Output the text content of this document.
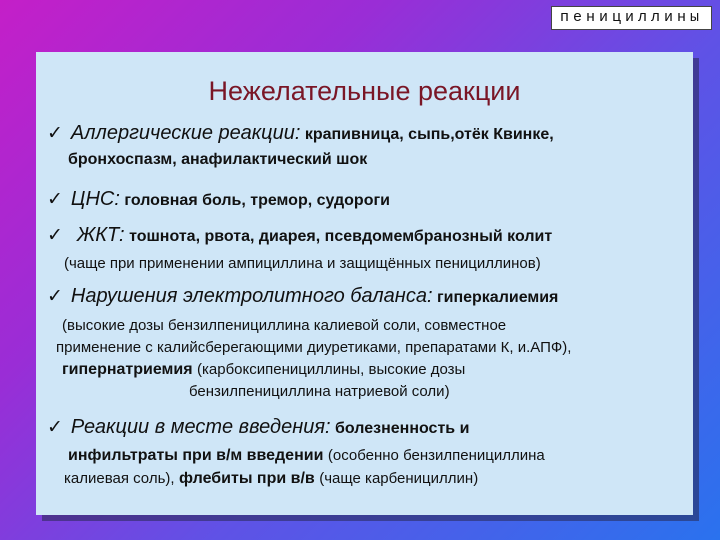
пенициллины
Нежелательные реакции
✓ Аллергические реакции: крапивница, сыпь,отёк Квинке,
бронхоспазм, анафилактический шок
✓ ЦНС: головная боль, тремор, судороги
✓ ЖКТ: тошнота, рвота, диарея, псевдомембранозный колит
(чаще при применении ампициллина и защищённых пенициллинов)
✓ Нарушения электролитного баланса: гиперкалиемия
(высокие дозы бензилпенициллина калиевой соли, совместное
применение с калийсберегающими диуретиками, препаратами К, и.АПФ),
гипернатриемия (карбоксипенициллины, высокие дозы
бензилпенициллина натриевой соли)
✓ Реакции в месте введения: болезненность и
инфильтраты при в/м введении (особенно бензилпенициллина
калиевая соль), флебиты при в/в (чаще карбенициллин)
